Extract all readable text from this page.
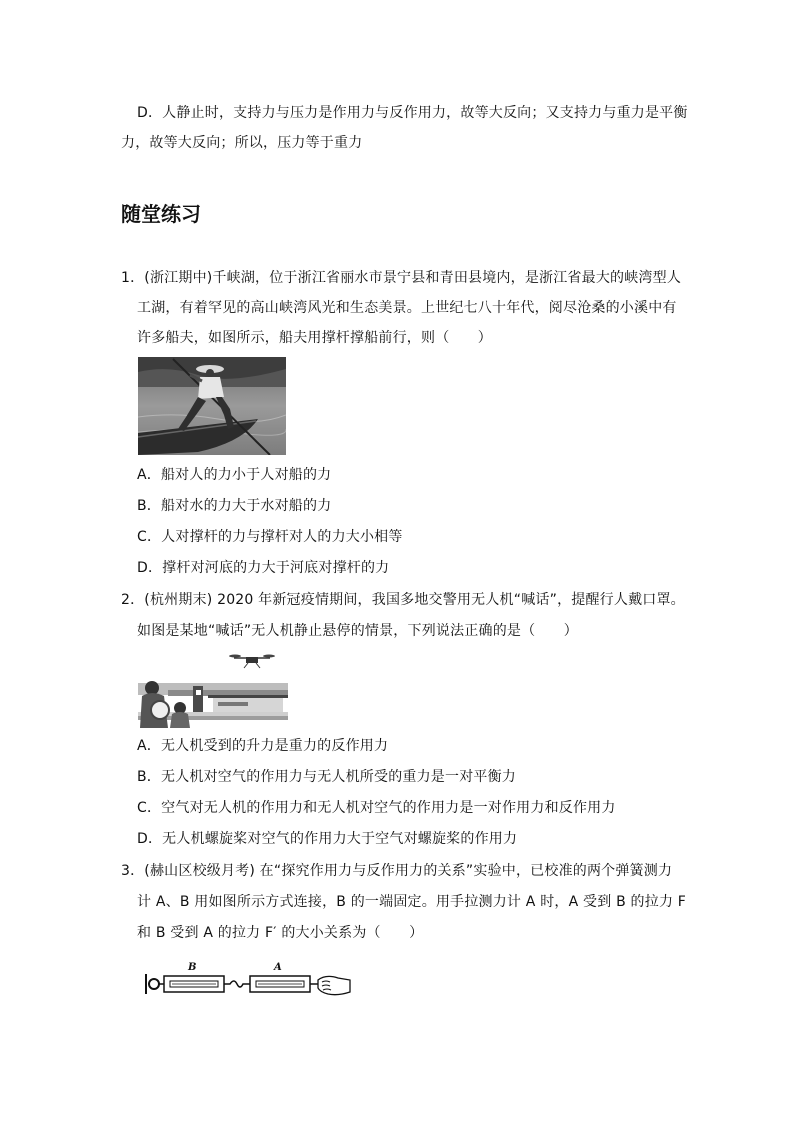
D．人静止时，支持力与压力是作用力与反作用力，故等大反向；又支持力与重力是平衡
力，故等大反向；所以，压力等于重力
随堂练习
1．(浙江期中)千峡湖，位于浙江省丽水市景宁县和青田县境内，是浙江省最大的峡湾型人
工湖，有着罕见的高山峡湾风光和生态美景。上世纪七八十年代，阅尽沧桑的小溪中有
许多船夫，如图所示，船夫用撑杆撑船前行，则（　　）
A．船对人的力小于人对船的力
B．船对水的力大于水对船的力
C．人对撑杆的力与撑杆对人的力大小相等
D．撑杆对河底的力大于河底对撑杆的力
2．(杭州期末) 2020 年新冠疫情期间，我国多地交警用无人机“喊话”，提醒行人戴口罩。
如图是某地“喊话”无人机静止悬停的情景，下列说法正确的是（　　）
A．无人机受到的升力是重力的反作用力
B．无人机对空气的作用力与无人机所受的重力是一对平衡力
C．空气对无人机的作用力和无人机对空气的作用力是一对作用力和反作用力
D．无人机螺旋桨对空气的作用力大于空气对螺旋桨的作用力
3．(赫山区校级月考) 在“探究作用力与反作用力的关系”实验中，已校准的两个弹簧测力
计 A、B 用如图所示方式连接，B 的一端固定。用手拉测力计 A 时，A 受到 B 的拉力 F
和 B 受到 A 的拉力 F′ 的大小关系为（　　）
B	A
